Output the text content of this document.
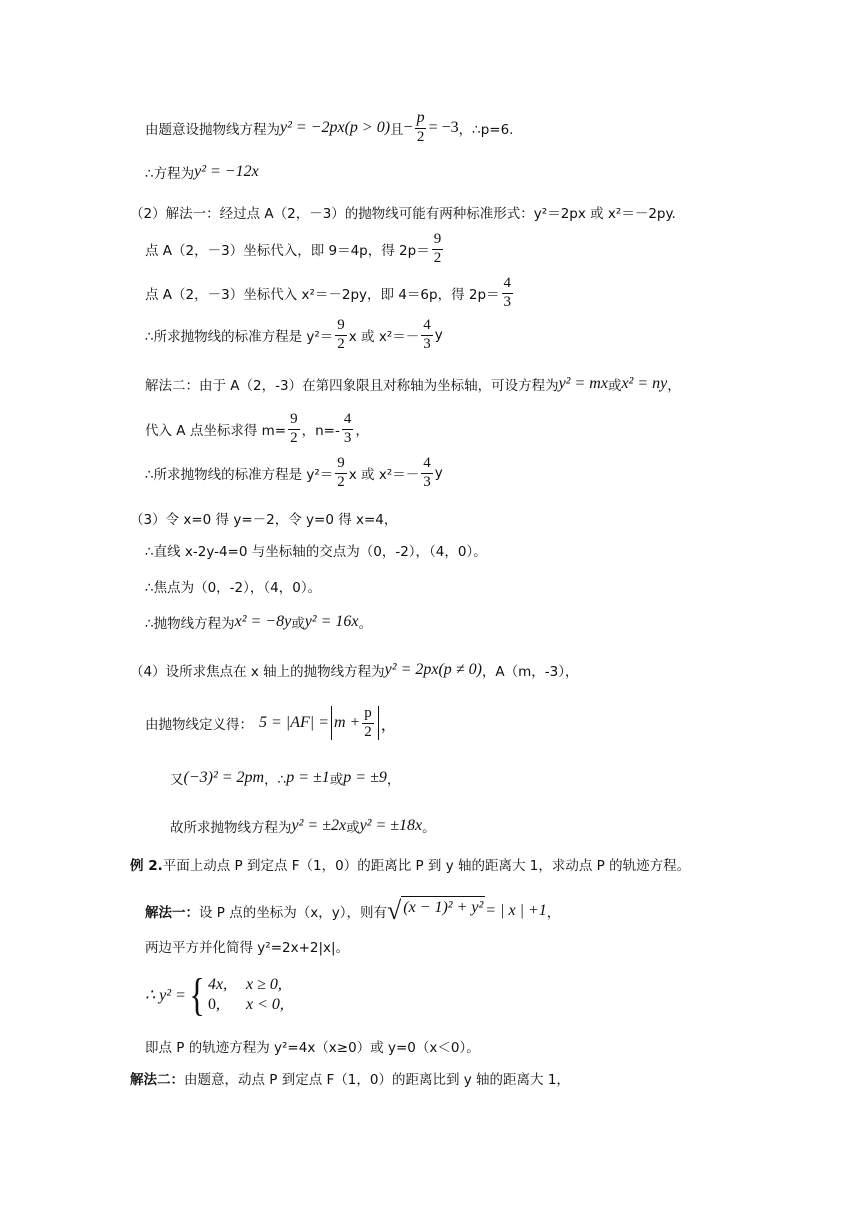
由题意设抛物线方程为 y² = −2px(p > 0) 且 − $\frac{p}{2} = -3$ ，∴p=6.
∴方程为 y² = −12x
（2）解法一：经过点 A（2，－3）的抛物线可能有两种标准形式：y²＝2px 或 x²＝－2py.
点 A（2，－3）坐标代入，即 9＝4p，得 $2p= \frac{9}{2}$
点 A（2，－3）坐标代入 x²＝－2py，即 4＝6p，得 $2p= \frac{4}{3}$
∴所求抛物线的标准方程是 $y^2= \frac{9}{2}$ x 或 $x^2=- \frac{4}{3}$ y
解法二：由于 A（2，-3）在第四象限且对称轴为坐标轴，可设方程为 y² = mx 或 x² = ny ，
代入 A 点坐标求得 $m= \frac{9}{2}$ ，$n=- \frac{4}{3}$ ，
∴所求抛物线的标准方程是 $y^2= \frac{9}{2}$ x 或 $x^2=- \frac{4}{3}$ y
（3）令 x=0 得 y=－2，令 y=0 得 x=4，
∴直线 x-2y-4=0 与坐标轴的交点为（0，-2），（4，0）。
∴焦点为（0，-2），（4，0）。
∴抛物线方程为 x² = −8y 或 y² = 16x 。
（4）设所求焦点在 x 轴上的抛物线方程为 y² = 2px(p ≠ 0) ，A（m，-3），
由抛物线定义得： $5 = |AF| = m + \frac{p}{2}$ ，
又 (−3)² = 2pm ，∴ p = ±1 或 p = ±9 ，
故所求抛物线方程为 y² = ±2x 或 y² = ±18x 。
例 2. 平面上动点 P 到定点 F（1，0）的距离比 P 到 y 轴的距离大 1，求动点 P 的轨迹方程。
解法一： 设 P 点的坐标为（x，y），则有 √ (x − 1)² + y² = | x | +1 ，
两边平方并化简得 y²=2x+2|x|。
∴ y² = { 4x, x ≥ 0,
0, x < 0,
即点 P 的轨迹方程为 y²=4x（x≥0）或 y=0（x＜0）。
解法二： 由题意，动点 P 到定点 F（1，0）的距离比到 y 轴的距离大 1，
